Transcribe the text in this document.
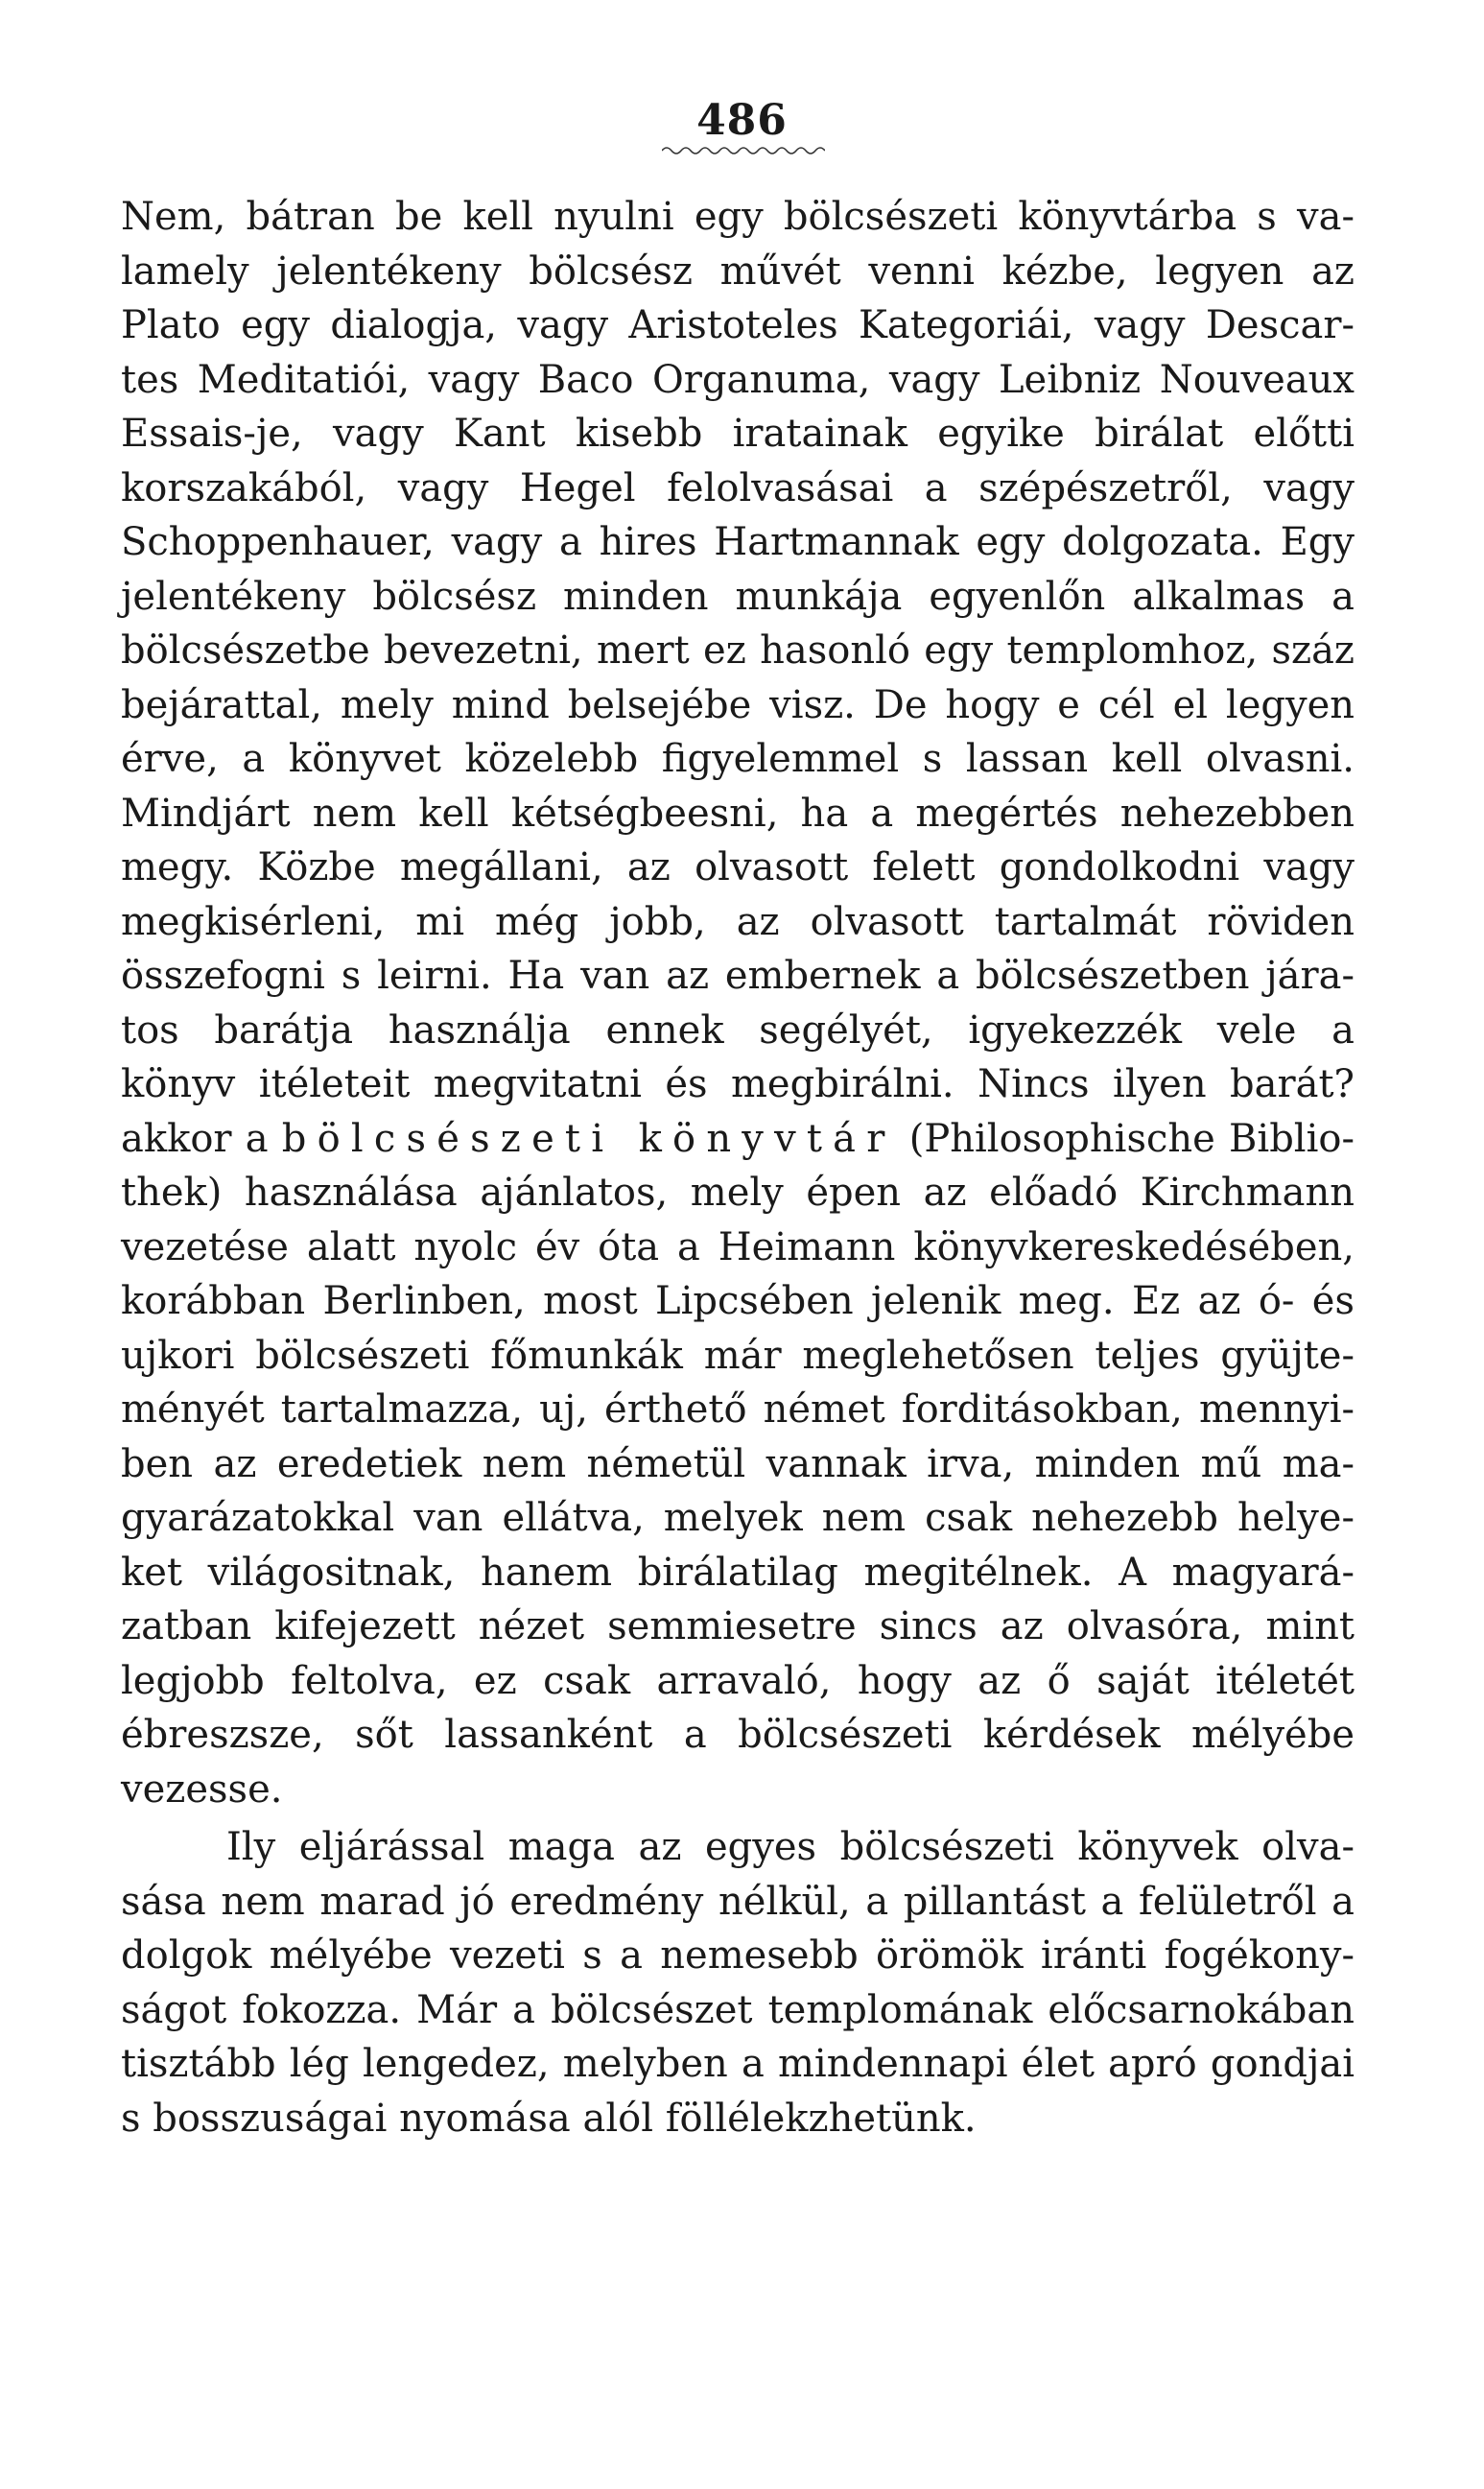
486
Nem, bátran be kell nyulni egy bölcsészeti könyvtárba s va-
lamely jelentékeny bölcsész művét venni kézbe, legyen az
Plato egy dialogja, vagy Aristoteles Kategoriái, vagy Descar-
tes Meditatiói, vagy Baco Organuma, vagy Leibniz Nouveaux
Essais-je, vagy Kant kisebb iratainak egyike birálat előtti
korszakából, vagy Hegel felolvasásai a szépészetről, vagy
Schoppenhauer, vagy a hires Hartmannak egy dolgozata. Egy
jelentékeny bölcsész minden munkája egyenlőn alkalmas a
bölcsészetbe bevezetni, mert ez hasonló egy templomhoz, száz
bejárattal, mely mind belsejébe visz. De hogy e cél el legyen
érve, a könyvet közelebb figyelemmel s lassan kell olvasni.
Mindjárt nem kell kétségbeesni, ha a megértés nehezebben
megy. Közbe megállani, az olvasott felett gondolkodni vagy
megkisérleni, mi még jobb, az olvasott tartalmát röviden
összefogni s leirni. Ha van az embernek a bölcsészetben jára-
tos barátja használja ennek segélyét, igyekezzék vele a
könyv itéleteit megvitatni és megbirálni. Nincs ilyen barát?
akkor a bölcsészeti könyvtár (Philosophische Biblio-
thek) használása ajánlatos, mely épen az előadó Kirchmann
vezetése alatt nyolc év óta a Heimann könyvkereskedésében,
korábban Berlinben, most Lipcsében jelenik meg. Ez az ó- és
ujkori bölcsészeti főmunkák már meglehetősen teljes gyüjte-
ményét tartalmazza, uj, érthető német forditásokban, mennyi-
ben az eredetiek nem németül vannak irva, minden mű ma-
gyarázatokkal van ellátva, melyek nem csak nehezebb helye-
ket világositnak, hanem birálatilag megitélnek. A magyará-
zatban kifejezett nézet semmiesetre sincs az olvasóra, mint
legjobb feltolva, ez csak arravaló, hogy az ő saját itéletét
ébreszsze, sőt lassanként a bölcsészeti kérdések mélyébe
vezesse.
Ily eljárással maga az egyes bölcsészeti könyvek olva-
sása nem marad jó eredmény nélkül, a pillantást a felületről a
dolgok mélyébe vezeti s a nemesebb örömök iránti fogékony-
ságot fokozza. Már a bölcsészet templomának előcsarnokában
tisztább lég lengedez, melyben a mindennapi élet apró gondjai
s bosszuságai nyomása alól föllélekzhetünk.
